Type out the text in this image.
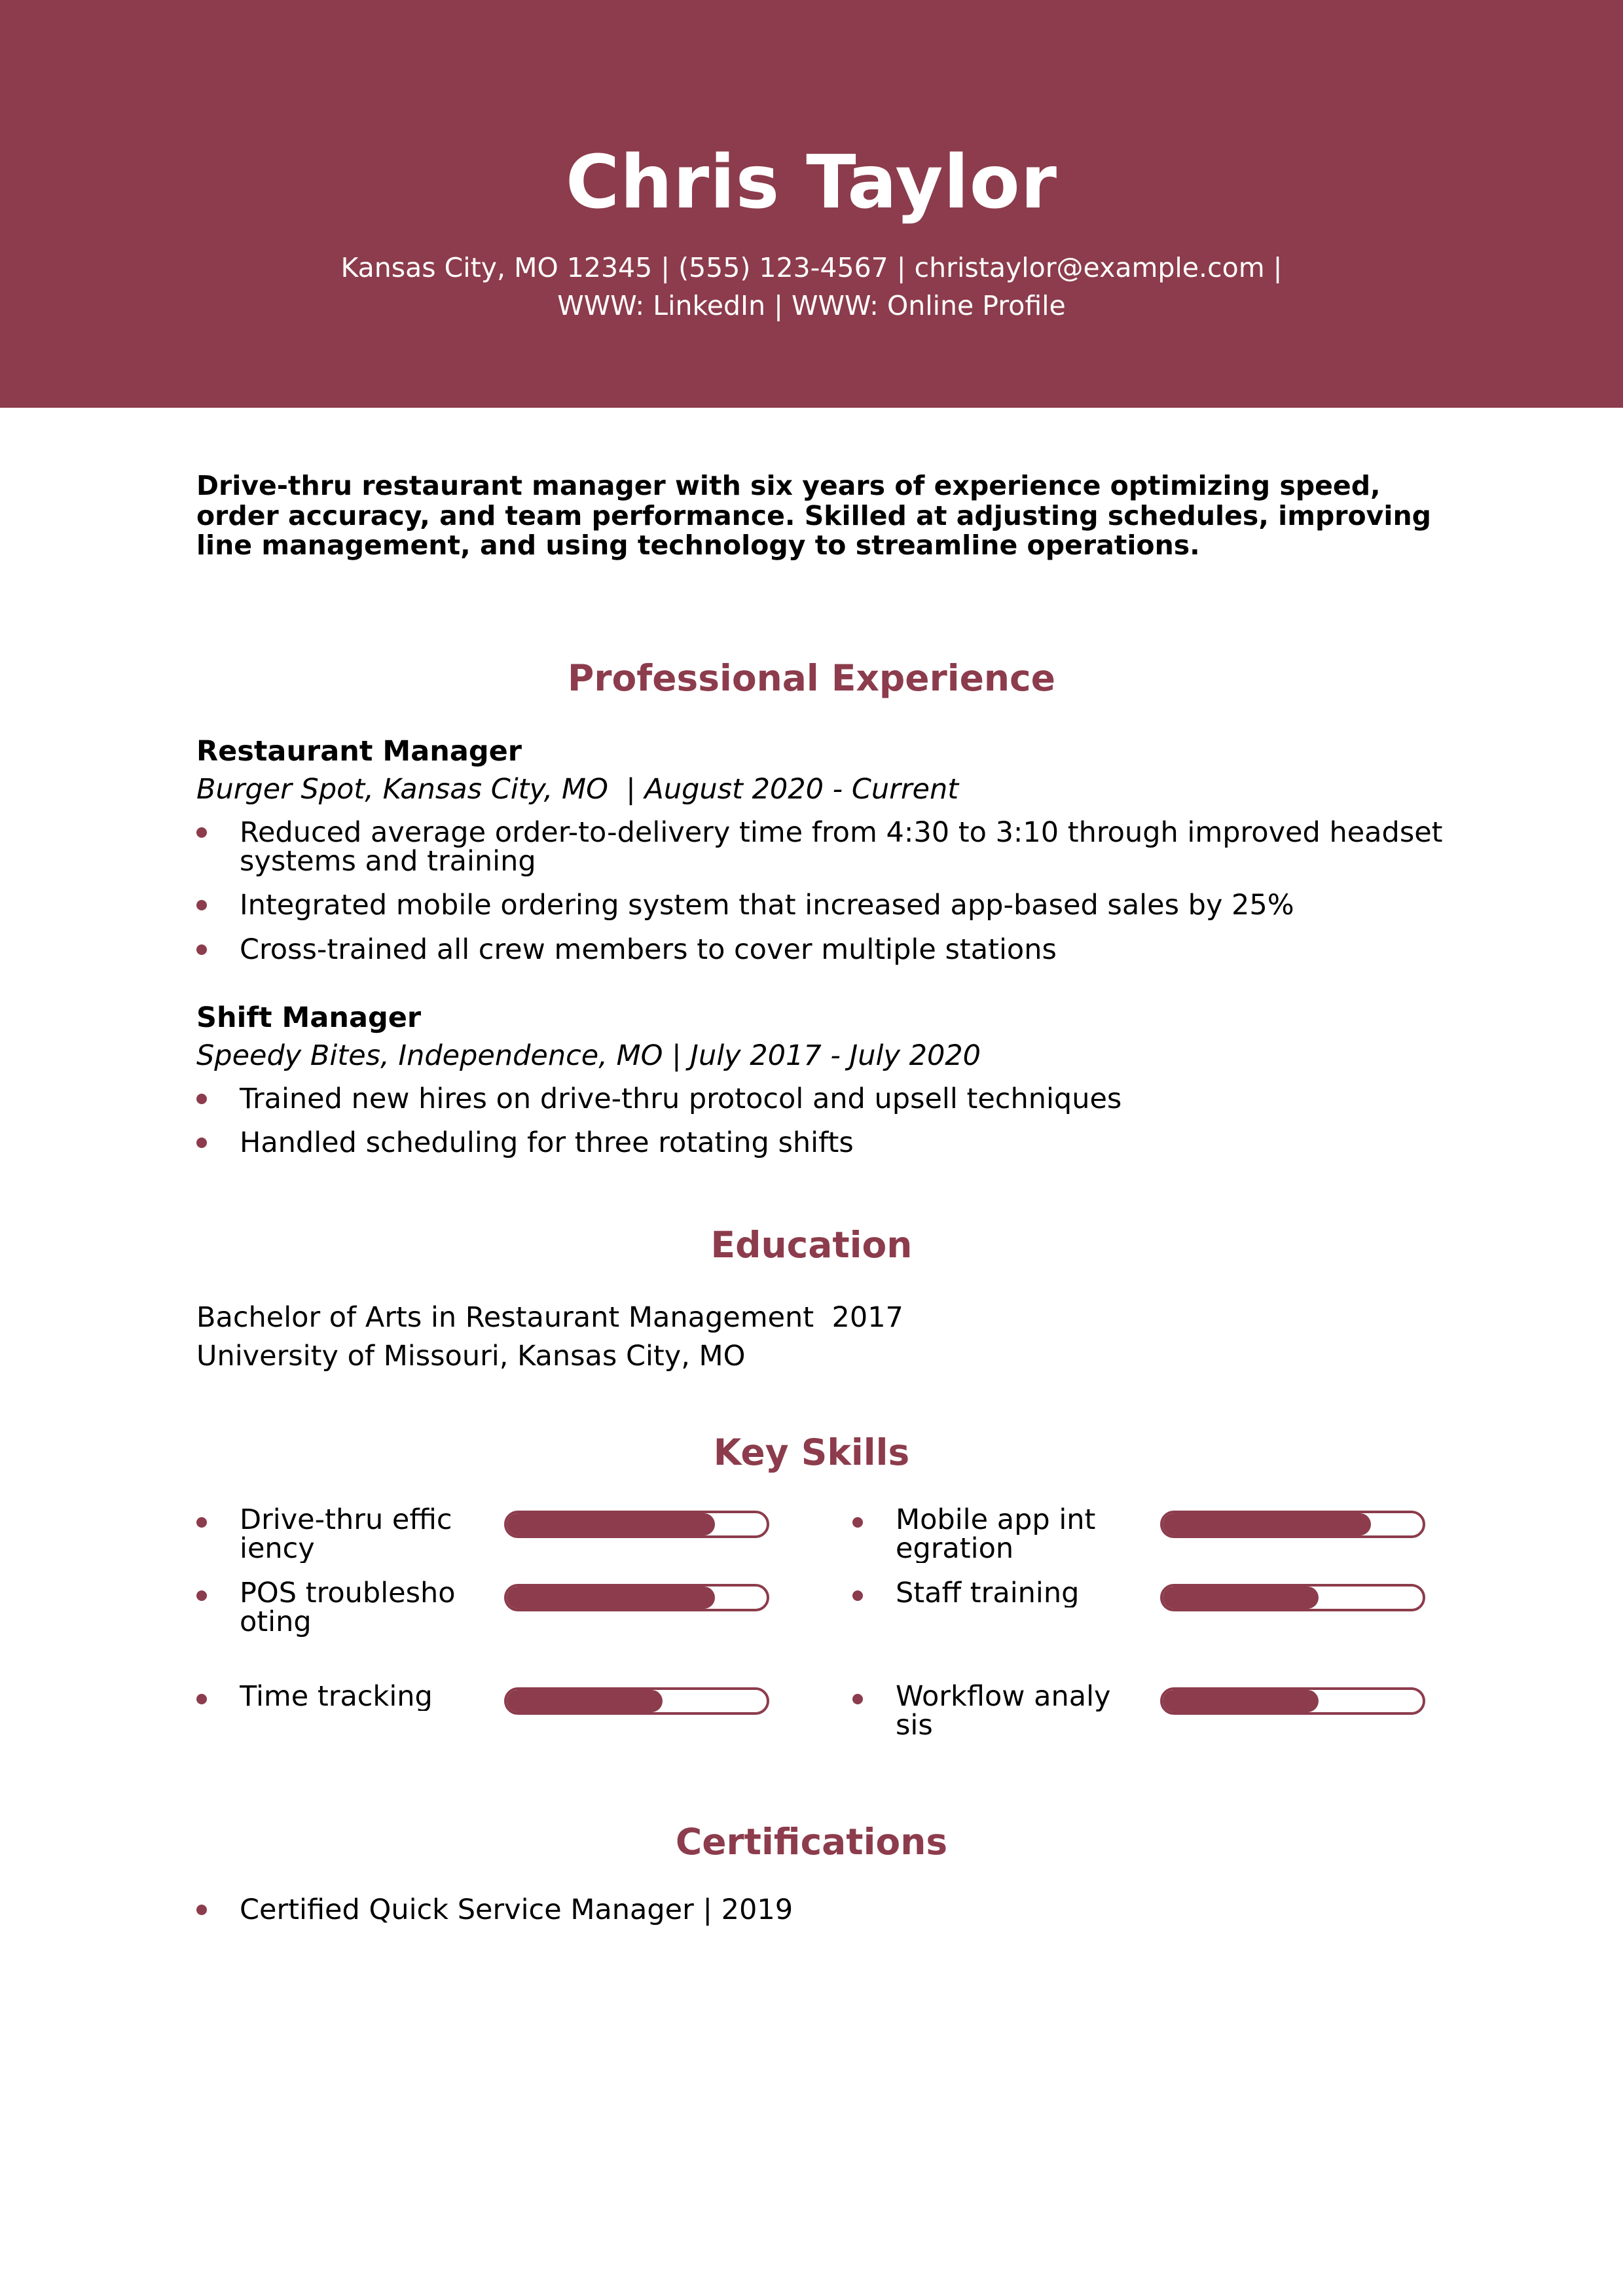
Chris Taylor
Kansas City, MO 12345 | (555) 123-4567 | christaylor@example.com |
WWW: LinkedIn | WWW: Online Profile
Drive-thru restaurant manager with six years of experience optimizing speed, order accuracy, and team performance. Skilled at adjusting schedules, improving line management, and using technology to streamline operations.
Professional Experience
Restaurant Manager
Burger Spot, Kansas City, MO  | August 2020 - Current
Reduced average order-to-delivery time from 4:30 to 3:10 through improved headset systems and training
Integrated mobile ordering system that increased app-based sales by 25%
Cross-trained all crew members to cover multiple stations
Shift Manager
Speedy Bites, Independence, MO | July 2017 - July 2020
Trained new hires on drive-thru protocol and upsell techniques
Handled scheduling for three rotating shifts
Education
Bachelor of Arts in Restaurant Management  2017
University of Missouri, Kansas City, MO
Key Skills
Drive-thru efficiency
Mobile app integration
POS troubleshooting
Staff training
Time tracking	Workflow analysis
Certifications
Certified Quick Service Manager | 2019
